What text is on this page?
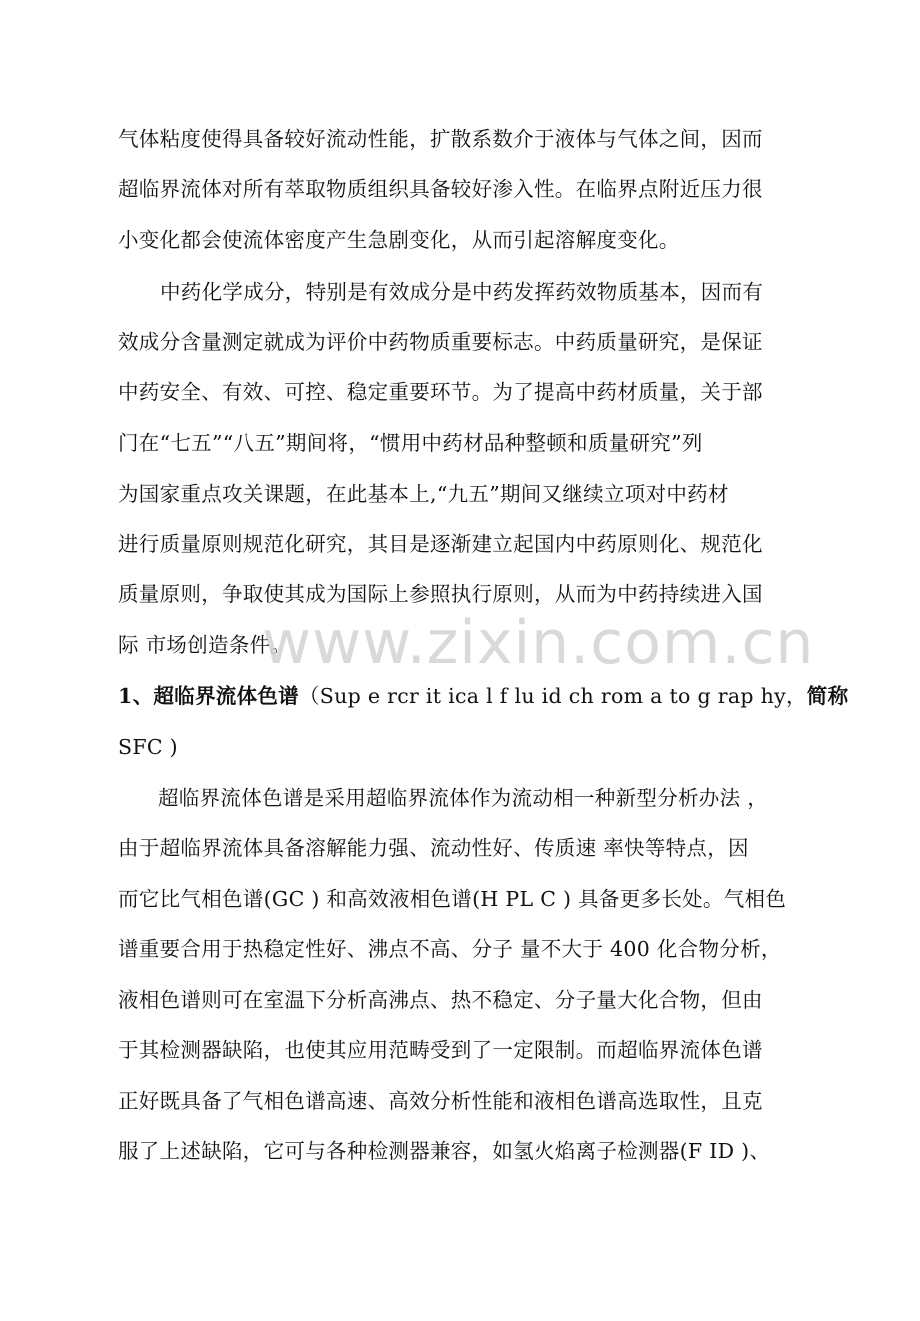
气体粘度使得具备较好流动性能，扩散系数介于液体与气体之间，因而
超临界流体对所有萃取物质组织具备较好渗入性。在临界点附近压力很
小变化都会使流体密度产生急剧变化，从而引起溶解度变化。
中药化学成分，特别是有效成分是中药发挥药效物质基本，因而有
效成分含量测定就成为评价中药物质重要标志。中药质量研究，是保证
中药安全、有效、可控、稳定重要环节。为了提高中药材质量，关于部
门在“七五”“八五”期间将，“惯用中药材品种整顿和质量研究”列
为国家重点攻关课题，在此基本上,“九五”期间又继续立项对中药材
进行质量原则规范化研究，其目是逐渐建立起国内中药原则化、规范化
质量原则，争取使其成为国际上参照执行原则，从而为中药持续进入国
际 市场创造条件。
1、超临界流体色谱（Sup e rcr it ica l f lu id ch rom a to g rap hy，简称
SFC )
超临界流体色谱是采用超临界流体作为流动相一种新型分析办法 ，
由于超临界流体具备溶解能力强、流动性好、传质速 率快等特点，因
而它比气相色谱(GC ) 和高效液相色谱(H PL C ) 具备更多长处。气相色
谱重要合用于热稳定性好、沸点不高、分子 量不大于 400 化合物分析，
液相色谱则可在室温下分析高沸点、热不稳定、分子量大化合物，但由
于其检测器缺陷，也使其应用范畴受到了一定限制。而超临界流体色谱
正好既具备了气相色谱高速、高效分析性能和液相色谱高选取性，且克
服了上述缺陷，它可与各种检测器兼容，如氢火焰离子检测器(F ID )、
www.zixin.com.cn
